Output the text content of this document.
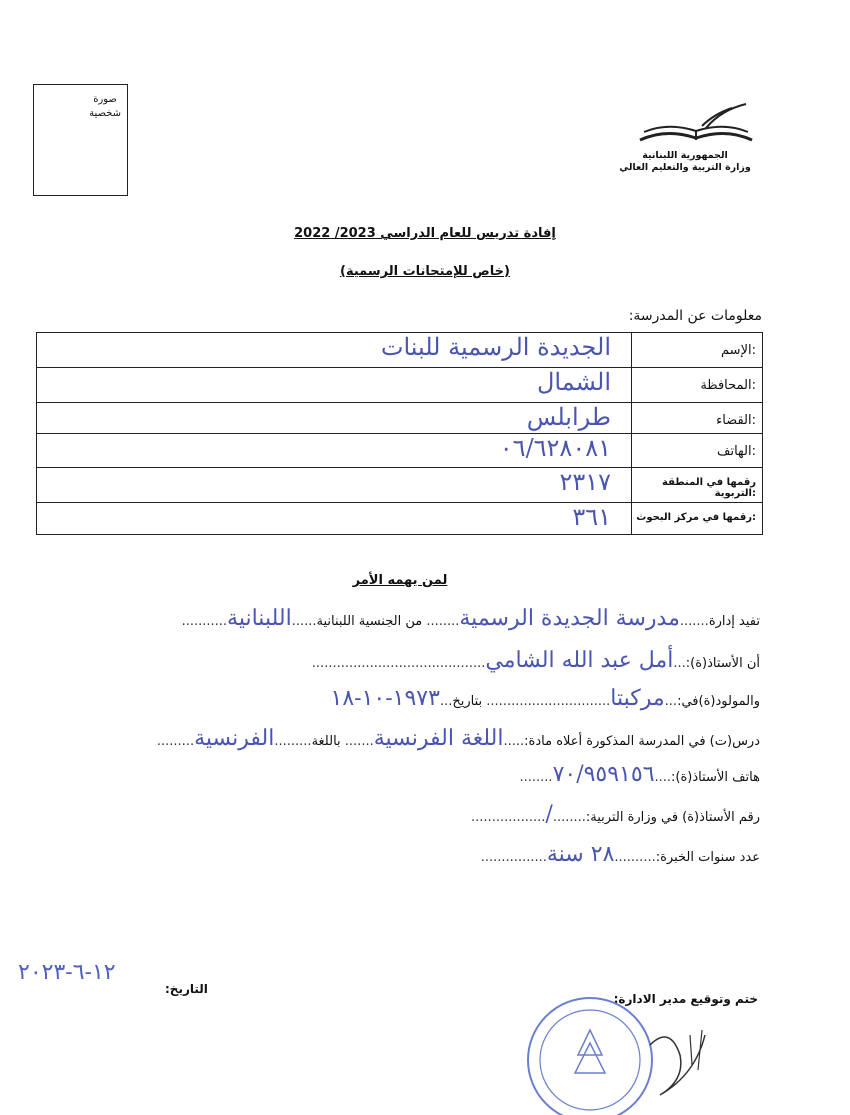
صورة
شخصية
الجمهورية اللبنانية
وزارة التربية والتعليم العالي
إفادة تدريس للعام الدراسي 2023/ 2022
(خاص للإمتحانات الرسمية)
معلومات عن المدرسة:
الإسم:
الجديدة الرسمية للبنات
المحافظة:
الشمال
القضاء:
طرابلس
الهاتف:
٠٦/٦٢٨٠٨١
رقمها في المنطقة التربوية:
٢٣١٧
رقمها في مركز البحوث:
٣٦١
لمن يهمه الأمر
تفيد إدارة.......مدرسة الجديدة الرسمية........ من الجنسية اللبنانية......اللبنانية...........
أن الأستاذ(ة):...أمل عبد الله الشامي..........................................
والمولود(ة)في:...مركبتا.............................. بتاريخ...١٩٧٣-١٠-١٨
درس(ت) في المدرسة المذكورة أعلاه مادة:.....اللغة الفرنسية....... باللغة.........الفرنسية.........
هاتف الأستاذ(ة):....٧٠/٩٥٩١٥٦........
رقم الأستاذ(ة) في وزارة التربية:......../..................
عدد سنوات الخبرة:..........٢٨ سنة................
١٢-٦-٢٠٢٣
التاريخ:
ختم وتوقيع مدير الادارة:
